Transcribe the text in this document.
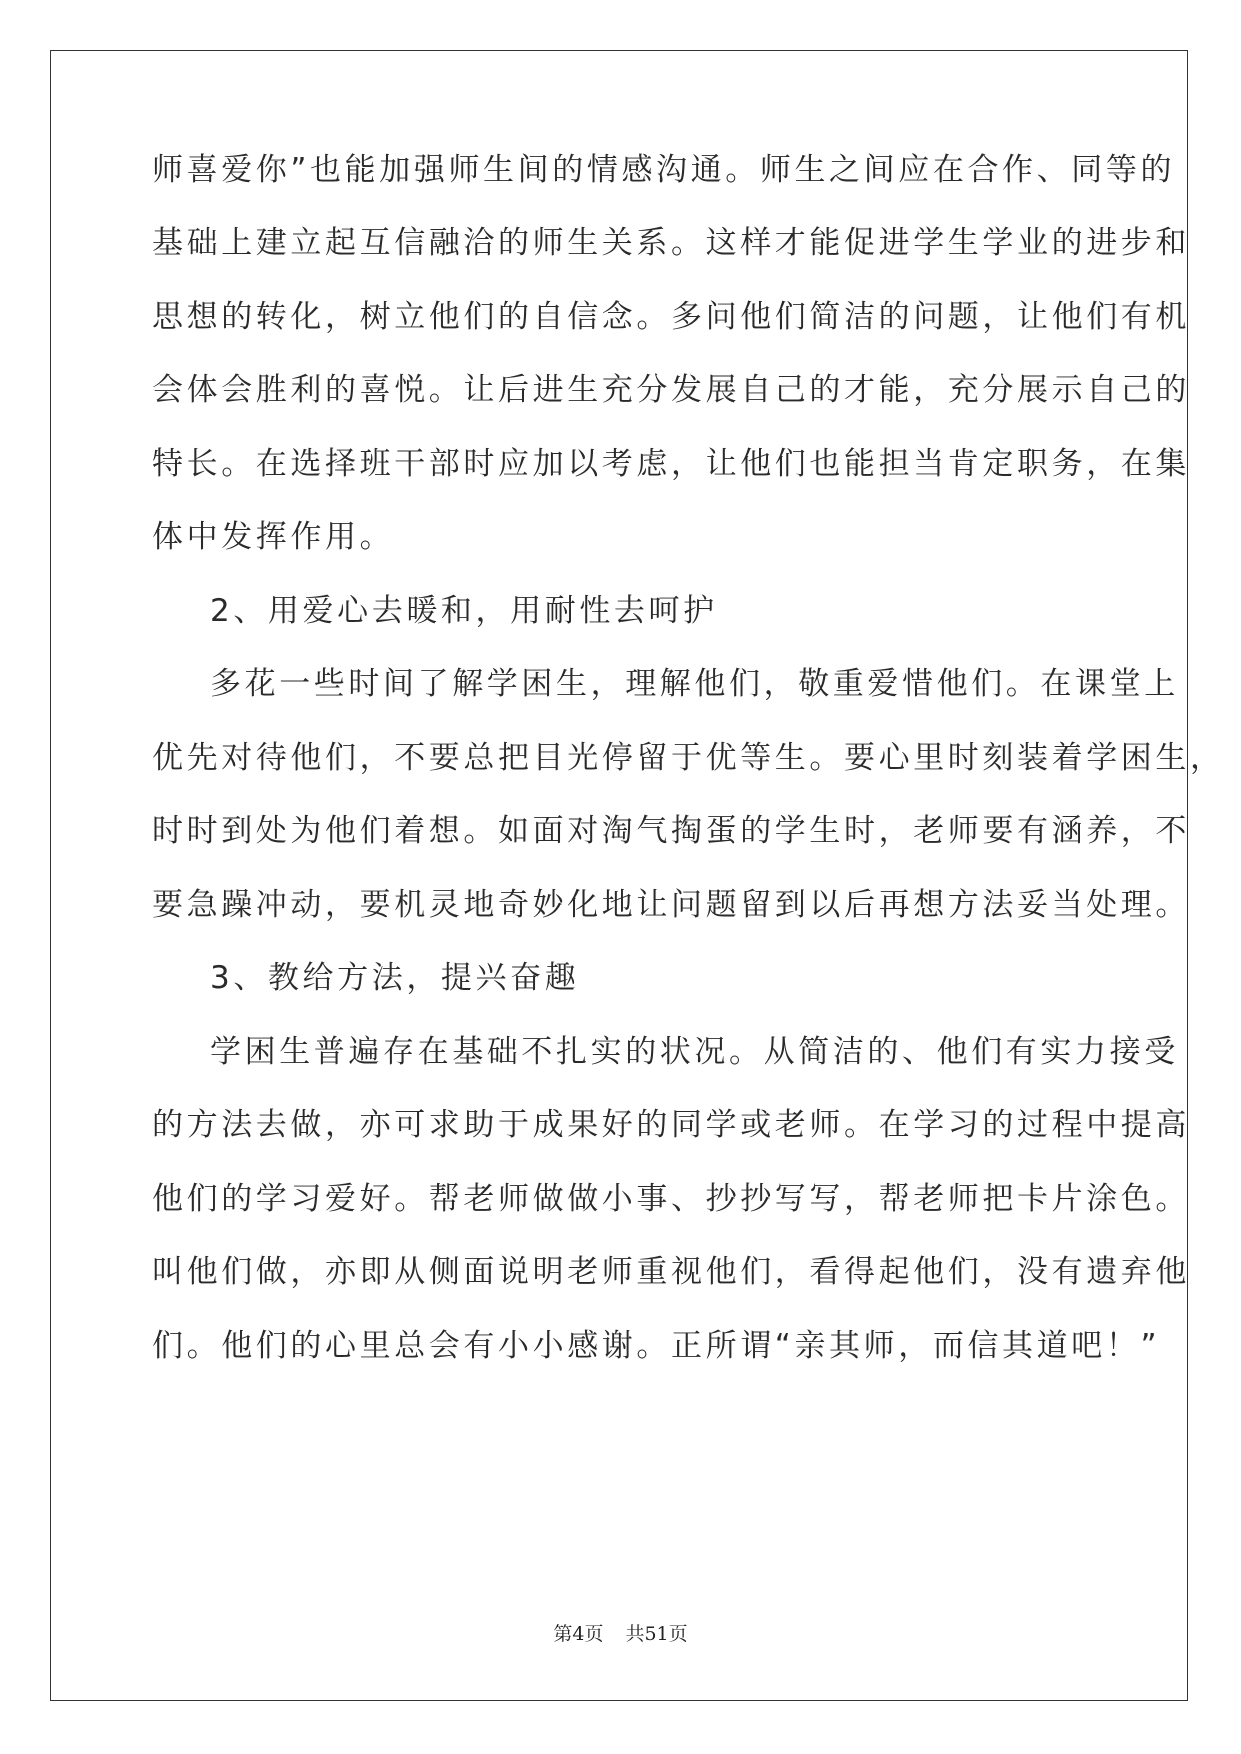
师喜爱你”也能加强师生间的情感沟通。师生之间应在合作、同等的
基础上建立起互信融洽的师生关系。这样才能促进学生学业的进步和
思想的转化，树立他们的自信念。多问他们简洁的问题，让他们有机
会体会胜利的喜悦。让后进生充分发展自己的才能，充分展示自己的
特长。在选择班干部时应加以考虑，让他们也能担当肯定职务，在集
体中发挥作用。
2、用爱心去暖和，用耐性去呵护
多花一些时间了解学困生，理解他们，敬重爱惜他们。在课堂上
优先对待他们，不要总把目光停留于优等生。要心里时刻装着学困生，
时时到处为他们着想。如面对淘气掏蛋的学生时，老师要有涵养，不
要急躁冲动，要机灵地奇妙化地让问题留到以后再想方法妥当处理。
3、教给方法，提兴奋趣
学困生普遍存在基础不扎实的状况。从简洁的、他们有实力接受
的方法去做，亦可求助于成果好的同学或老师。在学习的过程中提高
他们的学习爱好。帮老师做做小事、抄抄写写，帮老师把卡片涂色。
叫他们做，亦即从侧面说明老师重视他们，看得起他们，没有遗弃他
们。他们的心里总会有小小感谢。正所谓“亲其师，而信其道吧！”
第4页 共51页
